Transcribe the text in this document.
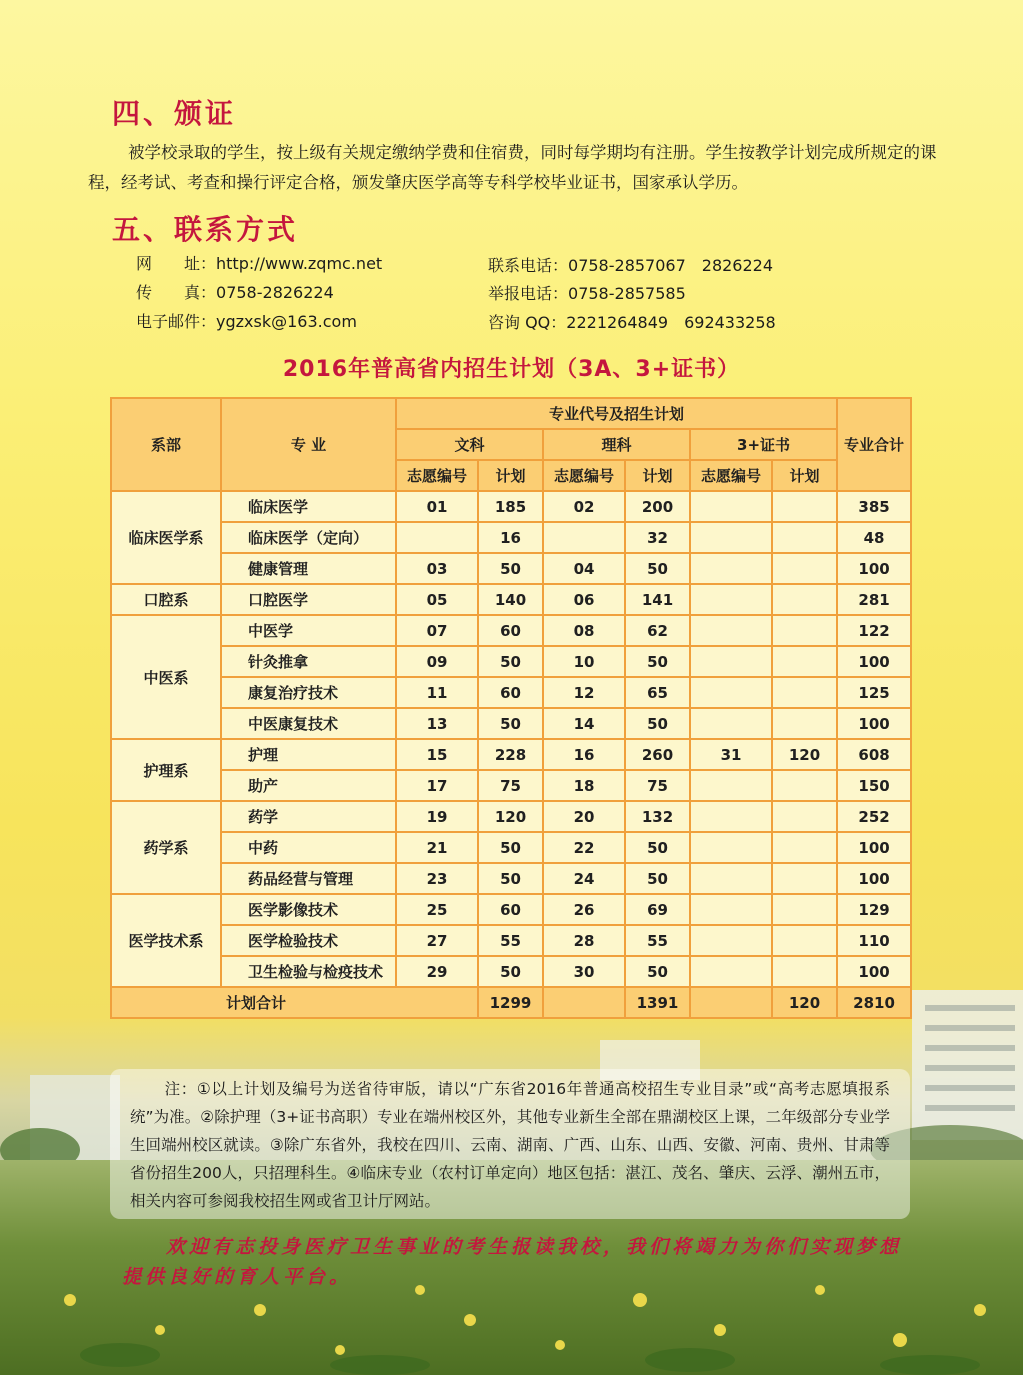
四、颁证

被学校录取的学生，按上级有关规定缴纳学费和住宿费，同时每学期均有注册。学生按教学计划完成所规定的课程，经考试、考查和操行评定合格，颁发肇庆医学高等专科学校毕业证书，国家承认学历。

五、联系方式
网　　址：http://www.zqmc.net
传　　真：0758-2826224
电子邮件：ygzxsk@163.com
联系电话：0758-2857067　2826224
举报电话：0758-2857585
咨询 QQ：2221264849　692433258
2016年普高省内招生计划（3A、3+证书）
系部	专 业	专业代号及招生计划						专业合计
		文科		理科		3+证书		
		志愿编号	计划	志愿编号	计划	志愿编号	计划	
临床医学系	临床医学	01	185	02	200			385
	临床医学（定向）		16		32			48
	健康管理	03	50	04	50			100
口腔系	口腔医学	05	140	06	141			281
中医系	中医学	07	60	08	62			122
	针灸推拿	09	50	10	50			100
	康复治疗技术	11	60	12	65			125
	中医康复技术	13	50	14	50			100
护理系	护理	15	228	16	260	31	120	608
	助产	17	75	18	75			150
药学系	药学	19	120	20	132			252
	中药	21	50	22	50			100
	药品经营与管理	23	50	24	50			100
医学技术系	医学影像技术	25	60	26	69			129
	医学检验技术	27	55	28	55			110
	卫生检验与检疫技术	29	50	30	50			100
计划合计			1299		1391		120	2810

注：①以上计划及编号为送省待审版，请以“广东省2016年普通高校招生专业目录”或“高考志愿填报系统”为准。②除护理（3+证书高职）专业在端州校区外，其他专业新生全部在鼎湖校区上课，二年级部分专业学生回端州校区就读。③除广东省外，我校在四川、云南、湖南、广西、山东、山西、安徽、河南、贵州、甘肃等省份招生200人，只招理科生。④临床专业（农村订单定向）地区包括：湛江、茂名、肇庆、云浮、潮州五市，相关内容可参阅我校招生网或省卫计厅网站。

欢迎有志投身医疗卫生事业的考生报读我校，我们将竭力为你们实现梦想提供良好的育人平台。
